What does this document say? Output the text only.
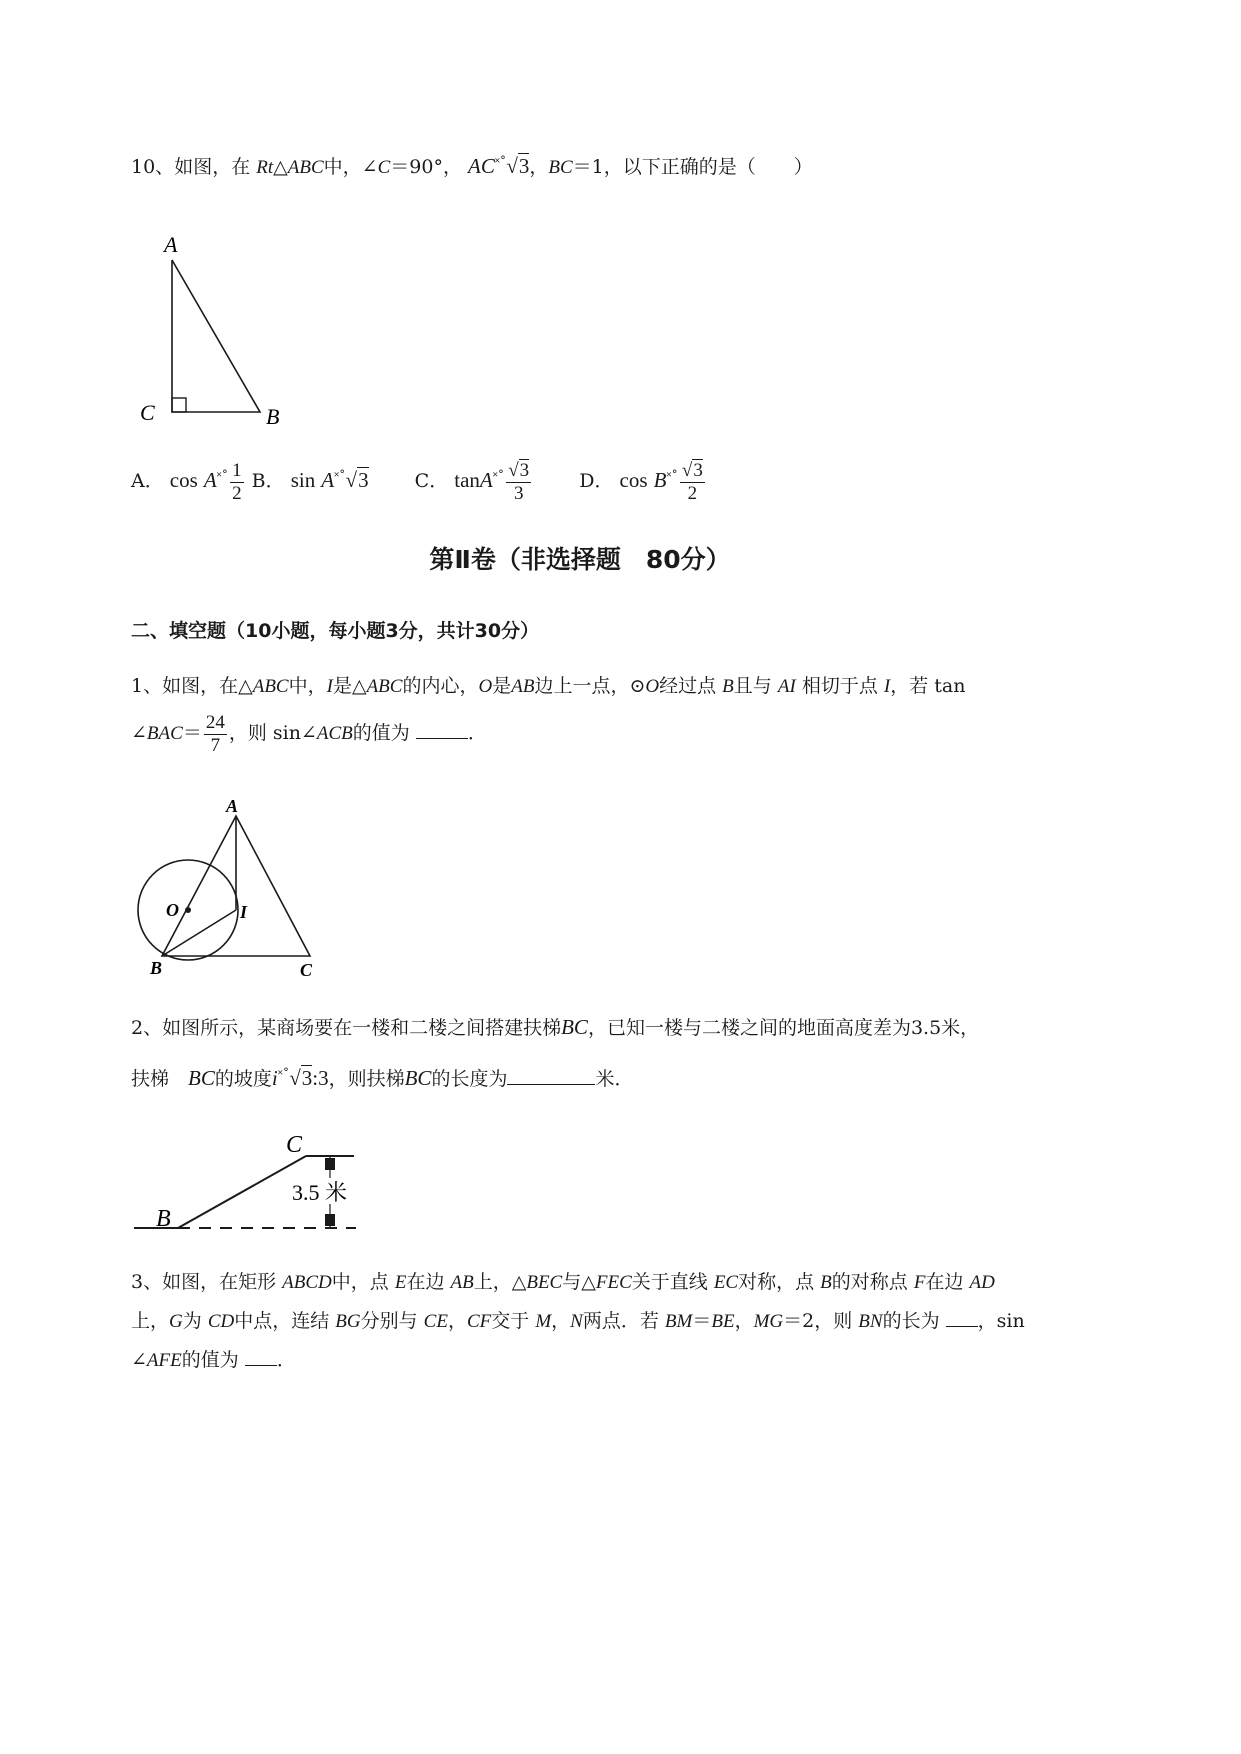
10、如图，在 Rt△ABC中，∠C＝90°， AC˟˚√3，BC＝1，以下正确的是（　　）
A
C	B
A． $\cos A^{˟˚} \frac{1}{2}$ B． sin A˟˚√3 C． $\tan A^{˟˚} \frac{√3}{3}$	D． $\cos B^{˟˚} \frac{√3}{2}$
第Ⅱ卷（非选择题　80分）
二、填空题（10小题，每小题3分，共计30分）
1、如图，在△ABC中，I是△ABC的内心，O是AB边上一点，⊙O经过点 B且与 AI 相切于点 I，若 tan
∠BAC＝ $\frac{24}{7}$ ，则 sin∠ACB的值为	．
A
O	I
B	C
2、如图所示，某商场要在一楼和二楼之间搭建扶梯BC，已知一楼与二楼之间的地面高度差为3.5米，
扶梯　 BC的坡度i˟˚√3:3，则扶梯BC的长度为	米．
3.5 米
B
C
3、如图，在矩形 ABCD中，点 E在边 AB上，△BEC与△FEC关于直线 EC对称，点 B的对称点 F在边 AD
上，G为 CD中点，连结 BG分别与 CE，CF交于 M，N两点．若 BM＝BE，MG＝2，则 BN的长为 ，sin
∠AFE的值为 ．
